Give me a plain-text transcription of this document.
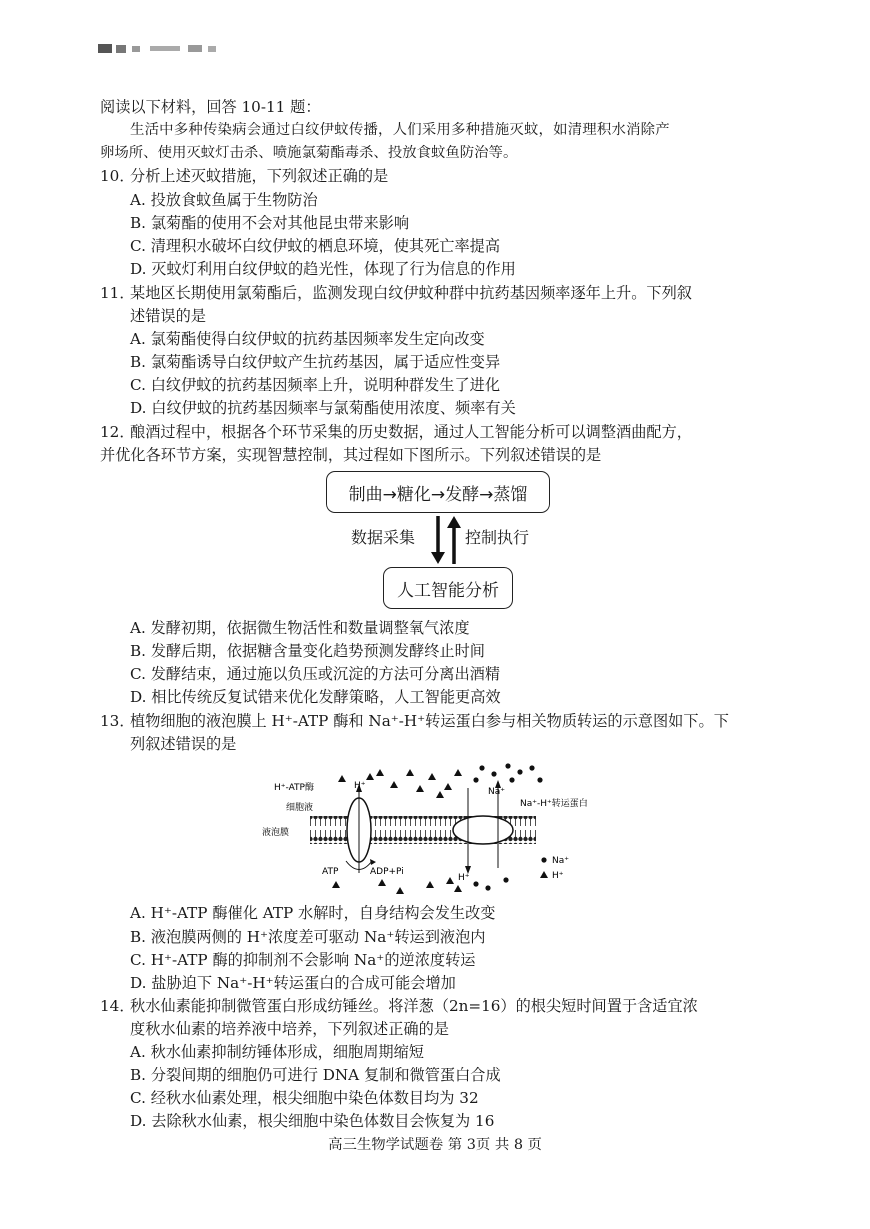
阅读以下材料，回答 10-11 题：
生活中多种传染病会通过白纹伊蚊传播，人们采用多种措施灭蚊，如清理积水消除产
卵场所、使用灭蚊灯击杀、喷施氯菊酯毒杀、投放食蚊鱼防治等。
10．
分析上述灭蚊措施，下列叙述正确的是
A. 投放食蚊鱼属于生物防治
B. 氯菊酯的使用不会对其他昆虫带来影响
C. 清理积水破坏白纹伊蚊的栖息环境，使其死亡率提高
D. 灭蚊灯利用白纹伊蚊的趋光性，体现了行为信息的作用
11．
某地区长期使用氯菊酯后，监测发现白纹伊蚊种群中抗药基因频率逐年上升。下列叙
述错误的是
A. 氯菊酯使得白纹伊蚊的抗药基因频率发生定向改变
B. 氯菊酯诱导白纹伊蚊产生抗药基因，属于适应性变异
C. 白纹伊蚊的抗药基因频率上升，说明种群发生了进化
D. 白纹伊蚊的抗药基因频率与氯菊酯使用浓度、频率有关
12．
酿酒过程中，根据各个环节采集的历史数据，通过人工智能分析可以调整酒曲配方，
并优化各环节方案，实现智慧控制，其过程如下图所示。下列叙述错误的是
制曲→糖化→发酵→蒸馏
数据采集	控制执行
人工智能分析
A. 发酵初期，依据微生物活性和数量调整氧气浓度
B. 发酵后期，依据糖含量变化趋势预测发酵终止时间
C. 发酵结束，通过施以负压或沉淀的方法可分离出酒精
D. 相比传统反复试错来优化发酵策略，人工智能更高效
13．
植物细胞的液泡膜上 H⁺-ATP 酶和 Na⁺-H⁺转运蛋白参与相关物质转运的示意图如下。下
列叙述错误的是
H⁺-ATP酶
细胞液
液泡膜
H⁺
Na⁺
Na⁺-H⁺转运蛋白
ATP	ADP+Pi
H⁺
Na⁺
H⁺
A. H⁺-ATP 酶催化 ATP 水解时，自身结构会发生改变
B. 液泡膜两侧的 H⁺浓度差可驱动 Na⁺转运到液泡内
C. H⁺-ATP 酶的抑制剂不会影响 Na⁺的逆浓度转运
D. 盐胁迫下 Na⁺-H⁺转运蛋白的合成可能会增加
14．
秋水仙素能抑制微管蛋白形成纺锤丝。将洋葱（2n=16）的根尖短时间置于含适宜浓
度秋水仙素的培养液中培养，下列叙述正确的是
A. 秋水仙素抑制纺锤体形成，细胞周期缩短
B. 分裂间期的细胞仍可进行 DNA 复制和微管蛋白合成
C. 经秋水仙素处理，根尖细胞中染色体数目均为 32
D. 去除秋水仙素，根尖细胞中染色体数目会恢复为 16
高三生物学试题卷 第 3页 共 8 页
